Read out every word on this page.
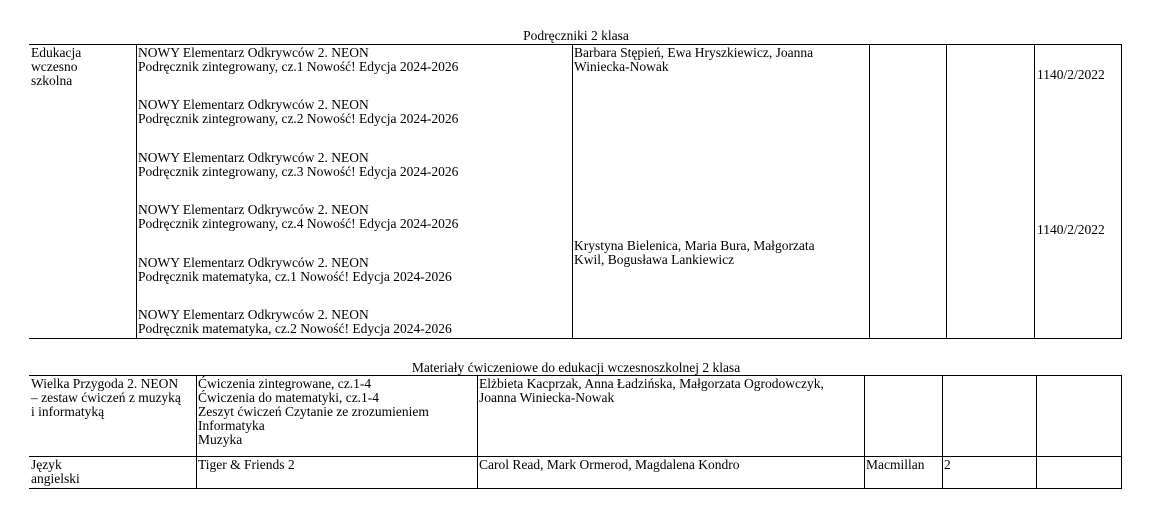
Podręczniki 2 klasa
Edukacja
wczesno
szkolna
NOWY Elementarz Odkrywców 2. NEON
Podręcznik zintegrowany, cz.1 Nowość! Edycja 2024-2026
NOWY Elementarz Odkrywców 2. NEON
Podręcznik zintegrowany, cz.2 Nowość! Edycja 2024-2026
NOWY Elementarz Odkrywców 2. NEON
Podręcznik zintegrowany, cz.3 Nowość! Edycja 2024-2026
NOWY Elementarz Odkrywców 2. NEON
Podręcznik zintegrowany, cz.4 Nowość! Edycja 2024-2026
NOWY Elementarz Odkrywców 2. NEON
Podręcznik matematyka, cz.1 Nowość! Edycja 2024-2026
NOWY Elementarz Odkrywców 2. NEON
Podręcznik matematyka, cz.2 Nowość! Edycja 2024-2026
Barbara Stępień, Ewa Hryszkiewicz, Joanna
Winiecka-Nowak
Krystyna Bielenica, Maria Bura, Małgorzata
Kwil, Bogusława Lankiewicz
1140/2/2022
1140/2/2022
Materiały ćwiczeniowe do edukacji wczesnoszkolnej 2 klasa
Wielka Przygoda 2. NEON
– zestaw ćwiczeń z muzyką
i informatyką
Ćwiczenia zintegrowane, cz.1-4
Ćwiczenia do matematyki, cz.1-4
Zeszyt ćwiczeń Czytanie ze zrozumieniem
Informatyka
Muzyka
Elżbieta Kacprzak, Anna Ładzińska, Małgorzata Ogrodowczyk,
Joanna Winiecka-Nowak
Język
angielski
Tiger & Friends 2	Carol Read, Mark Ormerod, Magdalena Kondro	Macmillan 2
